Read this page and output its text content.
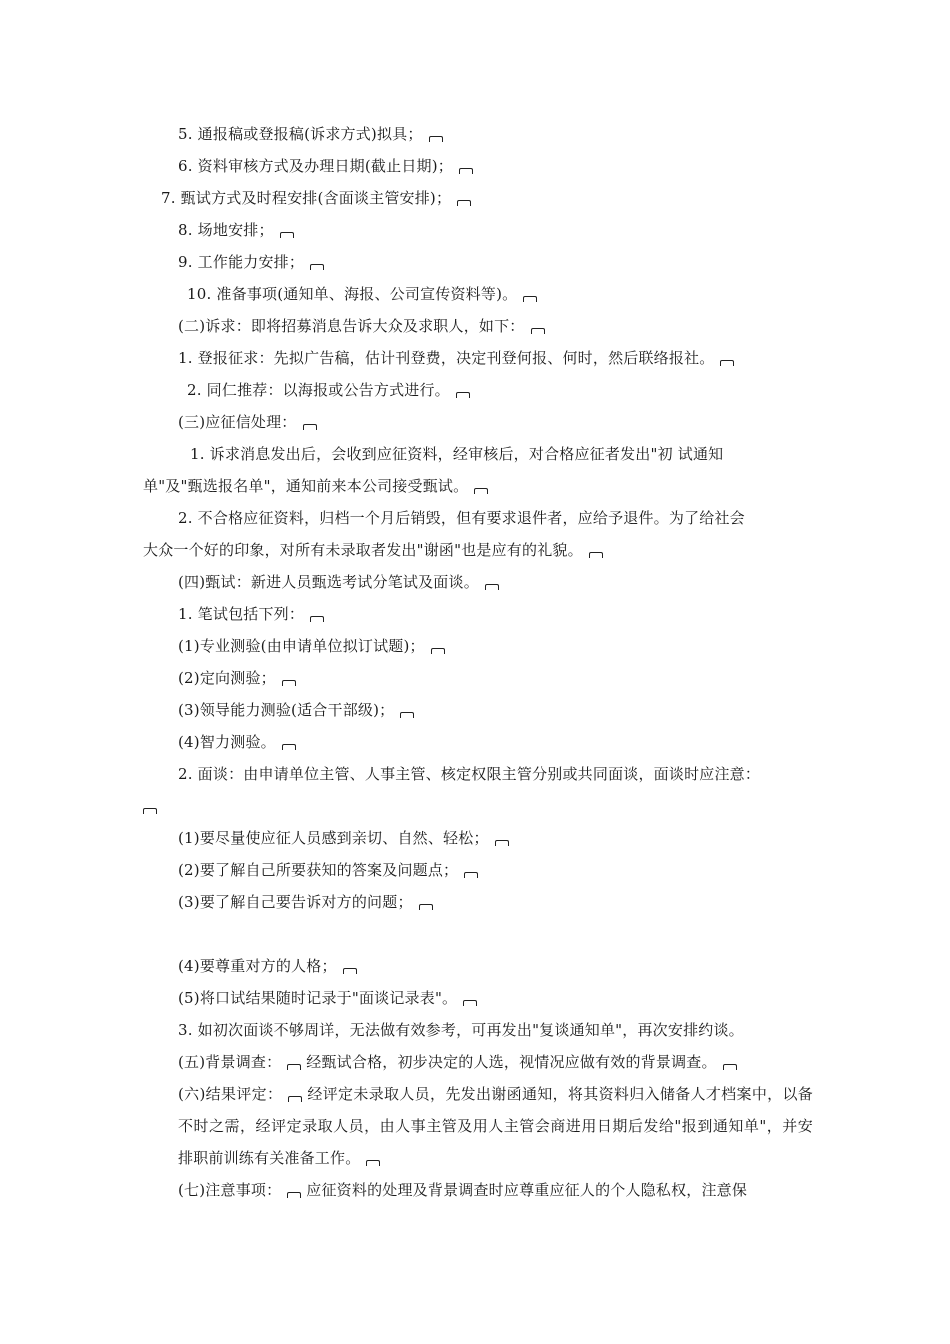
5. 通报稿或登报稿(诉求方式)拟具；
6. 资料审核方式及办理日期(截止日期)；
7. 甄试方式及时程安排(含面谈主管安排)；
8. 场地安排；
9. 工作能力安排；
10. 准备事项(通知单、海报、公司宣传资料等)。
(二)诉求：即将招募消息告诉大众及求职人，如下：
1. 登报征求：先拟广告稿，估计刊登费，决定刊登何报、何时，然后联络报社。
2. 同仁推荐：以海报或公告方式进行。
(三)应征信处理：
1. 诉求消息发出后，会收到应征资料，经审核后，对合格应征者发出"初 试通知
单"及"甄选报名单"，通知前来本公司接受甄试。
2. 不合格应征资料，归档一个月后销毁，但有要求退件者，应给予退件。为了给社会
大众一个好的印象，对所有未录取者发出"谢函"也是应有的礼貌。
(四)甄试：新进人员甄选考试分笔试及面谈。
1. 笔试包括下列：
(1)专业测验(由申请单位拟订试题)；
(2)定向测验；
(3)领导能力测验(适合干部级)；
(4)智力测验。
2. 面谈：由申请单位主管、人事主管、核定权限主管分别或共同面谈，面谈时应注意：
(1)要尽量使应征人员感到亲切、自然、轻松；
(2)要了解自己所要获知的答案及问题点；
(3)要了解自己要告诉对方的问题；
(4)要尊重对方的人格；
(5)将口试结果随时记录于"面谈记录表"。
3. 如初次面谈不够周详，无法做有效参考，可再发出"复谈通知单"，再次安排约谈。
(五)背景调查： 经甄试合格，初步决定的人选，视情况应做有效的背景调查。
(六)结果评定： 经评定未录取人员，先发出谢函通知，将其资料归入储备人才档案中，以备不时之需，经评定录取人员，由人事主管及用人主管会商进用日期后发给"报到通知单"，并安排职前训练有关准备工作。
(七)注意事项： 应征资料的处理及背景调查时应尊重应征人的个人隐私权，注意保
